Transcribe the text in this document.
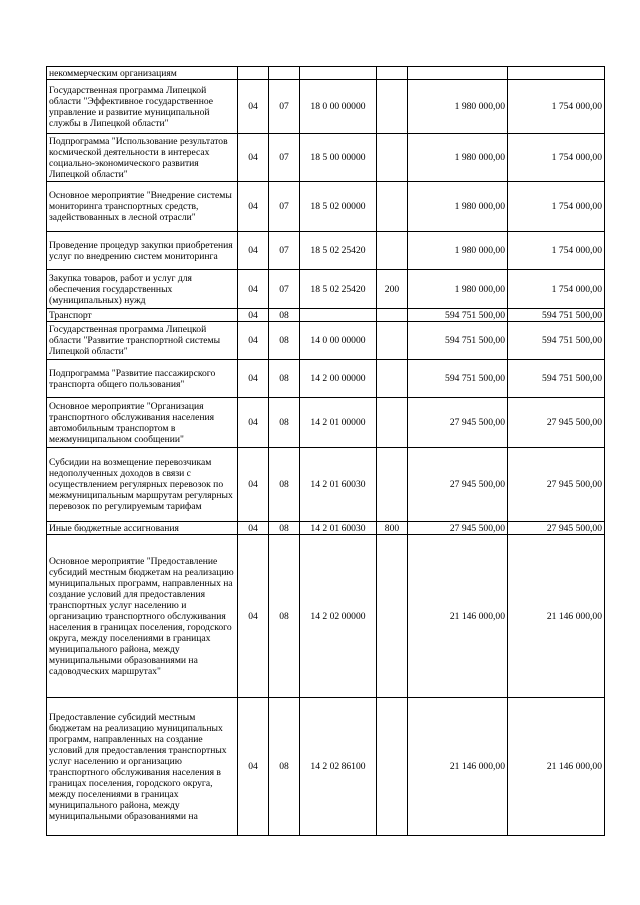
некоммерческим организациям						
Государственная программа Липецкой области "Эффективное государственное управление и развитие муниципальной службы в Липецкой области"	04	07	18 0 00 00000		1 980 000,00	1 754 000,00
Подпрограмма "Использование результатов космической деятельности в интересах социально-экономического развития Липецкой области"	04	07	18 5 00 00000		1 980 000,00	1 754 000,00
Основное мероприятие "Внедрение системы мониторинга транспортных средств, задействованных в лесной отрасли"	04	07	18 5 02 00000		1 980 000,00	1 754 000,00
Проведение процедур закупки приобретения услуг по внедрению систем мониторинга	04	07	18 5 02 25420		1 980 000,00	1 754 000,00
Закупка товаров, работ и услуг для обеспечения государственных (муниципальных) нужд	04	07	18 5 02 25420	200	1 980 000,00	1 754 000,00
Транспорт	04	08			594 751 500,00	594 751 500,00
Государственная программа Липецкой области "Развитие транспортной системы Липецкой области"	04	08	14 0 00 00000		594 751 500,00	594 751 500,00
Подпрограмма "Развитие пассажирского транспорта общего пользования"	04	08	14 2 00 00000		594 751 500,00	594 751 500,00
Основное мероприятие "Организация транспортного обслуживания населения автомобильным транспортом в межмуниципальном сообщении"	04	08	14 2 01 00000		27 945 500,00	27 945 500,00
Субсидии на возмещение перевозчикам недополученных доходов в связи с осуществлением регулярных перевозок по межмуниципальным маршрутам регулярных перевозок по регулируемым тарифам	04	08	14 2 01 60030		27 945 500,00	27 945 500,00
Иные бюджетные ассигнования	04	08	14 2 01 60030	800	27 945 500,00	27 945 500,00
Основное мероприятие "Предоставление субсидий местным бюджетам на реализацию муниципальных программ, направленных на создание условий для предоставления транспортных услуг населению и организацию транспортного обслуживания населения в границах поселения, городского округа, между поселениями в границах муниципального района, между муниципальными образованиями на садоводческих маршрутах"	04	08	14 2 02 00000		21 146 000,00	21 146 000,00
Предоставление субсидий местным бюджетам на реализацию муниципальных программ, направленных на создание условий для предоставления транспортных услуг населению и организацию транспортного обслуживания населения в границах поселения, городского округа, между поселениями в границах муниципального района, между муниципальными образованиями на	04	08	14 2 02 86100		21 146 000,00	21 146 000,00
